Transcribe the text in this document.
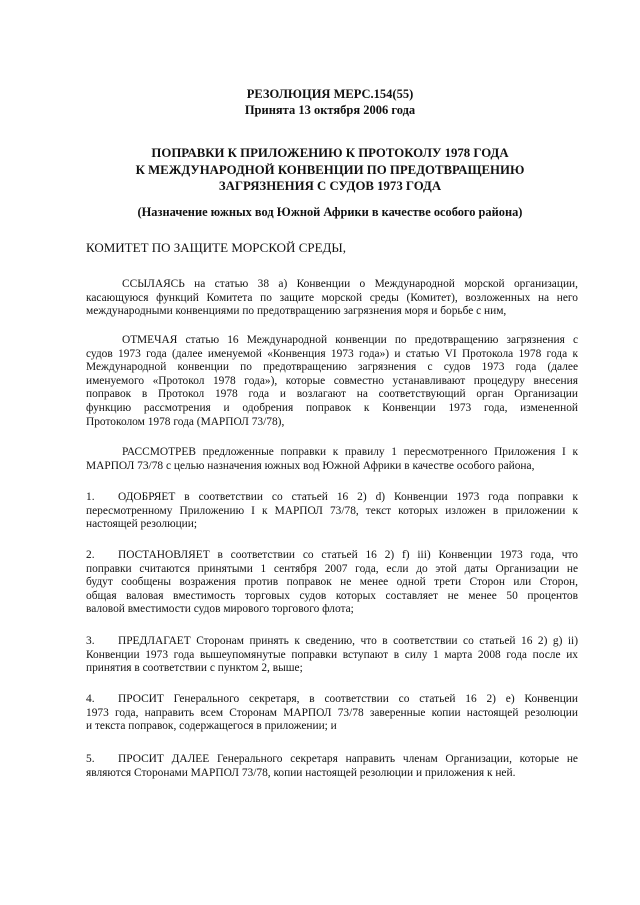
РЕЗОЛЮЦИЯ МЕРС.154(55)
Принята 13 октября 2006 года
ПОПРАВКИ К ПРИЛОЖЕНИЮ К ПРОТОКОЛУ 1978 ГОДА
К МЕЖДУНАРОДНОЙ КОНВЕНЦИИ ПО ПРЕДОТВРАЩЕНИЮ
ЗАГРЯЗНЕНИЯ С СУДОВ 1973 ГОДА
(Назначение южных вод Южной Африки в качестве особого района)
КОМИТЕТ ПО ЗАЩИТЕ МОРСКОЙ СРЕДЫ,
ССЫЛАЯСЬ на статью 38 a) Конвенции о Международной морской организации,
касающуюся функций Комитета по защите морской среды (Комитет), возложенных на него
международными конвенциями по предотвращению загрязнения моря и борьбе с ним,
ОТМЕЧАЯ статью 16 Международной конвенции по предотвращению загрязнения с
судов 1973 года (далее именуемой «Конвенция 1973 года») и статью VI Протокола 1978 года к
Международной конвенции по предотвращению загрязнения с судов 1973 года (далее
именуемого «Протокол 1978 года»), которые совместно устанавливают процедуру внесения
поправок в Протокол 1978 года и возлагают на соответствующий орган Организации
функцию рассмотрения и одобрения поправок к Конвенции 1973 года, измененной
Протоколом 1978 года (МАРПОЛ 73/78),
РАССМОТРЕВ предложенные поправки к правилу 1 пересмотренного Приложения I к
МАРПОЛ 73/78 с целью назначения южных вод Южной Африки в качестве особого района,
1. ОДОБРЯЕТ в соответствии со статьей 16 2) d) Конвенции 1973 года поправки к
пересмотренному Приложению I к МАРПОЛ 73/78, текст которых изложен в приложении к
настоящей резолюции;
2. ПОСТАНОВЛЯЕТ в соответствии со статьей 16 2) f) iii) Конвенции 1973 года, что
поправки считаются принятыми 1 сентября 2007 года, если до этой даты Организации не
будут сообщены возражения против поправок не менее одной трети Сторон или Сторон,
общая валовая вместимость торговых судов которых составляет не менее 50 процентов
валовой вместимости судов мирового торгового флота;
3. ПРЕДЛАГАЕТ Сторонам принять к сведению, что в соответствии со статьей 16 2) g) ii)
Конвенции 1973 года вышеупомянутые поправки вступают в силу 1 марта 2008 года после их
принятия в соответствии с пунктом 2, выше;
4. ПРОСИТ Генерального секретаря, в соответствии со статьей 16 2) e) Конвенции
1973 года, направить всем Сторонам МАРПОЛ 73/78 заверенные копии настоящей резолюции
и текста поправок, содержащегося в приложении; и
5. ПРОСИТ ДАЛЕЕ Генерального секретаря направить членам Организации, которые не
являются Сторонами МАРПОЛ 73/78, копии настоящей резолюции и приложения к ней.
